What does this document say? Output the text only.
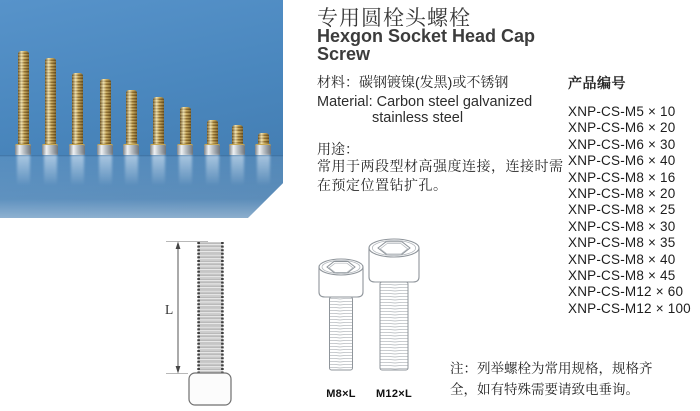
专用圆栓头螺栓
Hexgon Socket Head Cap Screw
材料：碳钢镀镍(发黑)或不锈钢
Material: Carbon steel galvanized
stainless steel
用途：
常用于两段型材高强度连接，连接时需
在预定位置钻扩孔。
产品编号
XNP-CS-M5 × 10
XNP-CS-M6 × 20
XNP-CS-M6 × 30
XNP-CS-M6 × 40
XNP-CS-M8 × 16
XNP-CS-M8 × 20
XNP-CS-M8 × 25
XNP-CS-M8 × 30
XNP-CS-M8 × 35
XNP-CS-M8 × 40
XNP-CS-M8 × 45
XNP-CS-M12 × 60
XNP-CS-M12 × 100
L
M8×L	M12×L
注：列举螺栓为常用规格，规格齐
全，如有特殊需要请致电垂询。
